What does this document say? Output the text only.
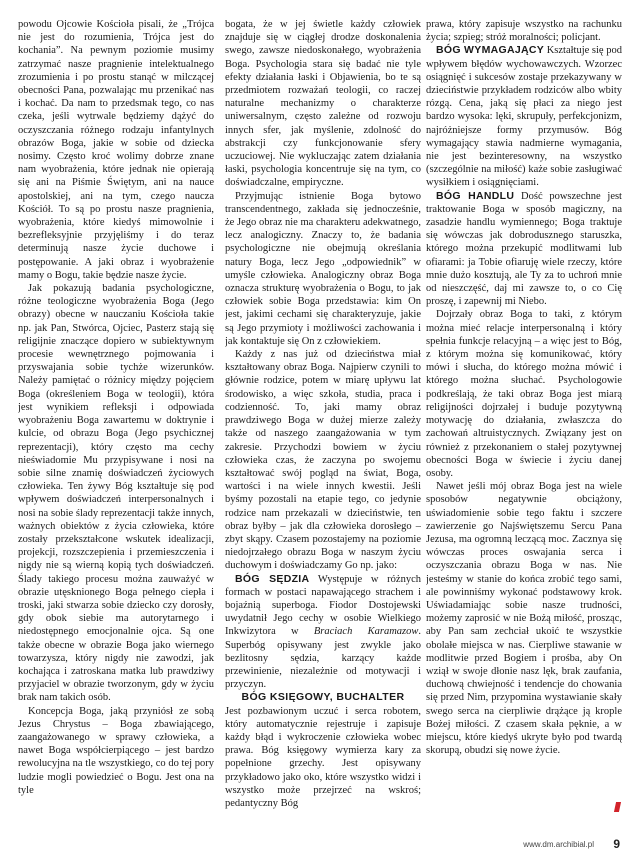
powodu Ojcowie Kościoła pisali, że „Trójca nie jest do rozumienia, Trójca jest do kochania”. Na pewnym poziomie musimy zatrzymać nasze pragnienie intelektualnego zrozumienia i po prostu stanąć w milczącej obecności Pana, pozwalając mu przenikać nas i kochać. Da nam to przedsmak tego, co nas czeka, jeśli wytrwale będziemy dążyć do oczyszczania różnego rodzaju infantylnych obrazów Boga, jakie w sobie od dziecka nosimy. Często kroć wolimy dobrze znane nam wyobrażenia, które jednak nie opierają się ani na Piśmie Świętym, ani na nauce apostolskiej, ani na tym, czego naucza Kościół. To są po prostu nasze pragnienia, wyobrażenia, które kiedyś mimowolnie i bezrefleksyjnie przyjęliśmy i do teraz determinują nasze życie duchowe i postępowanie. A jaki obraz i wyobrażenie mamy o Bogu, takie będzie nasze życie.

Jak pokazują badania psychologiczne, różne teologiczne wyobrażenia Boga (Jego obrazy) obecne w nauczaniu Kościoła takie np. jak Pan, Stwórca, Ojciec, Pasterz stają się religijnie znaczące dopiero w subiektywnym procesie wewnętrznego pojmowania i przyswajania sobie tychże wizerunków. Należy pamiętać o różnicy między pojęciem Boga (określeniem Boga w teologii), która jest wynikiem refleksji i odpowiada wyobrażeniu Boga zawartemu w doktrynie i kulcie, od obrazu Boga (Jego psychicznej reprezentacji), który często ma cechy nieświadomie Mu przypisywane i nosi na sobie silne znamię doświadczeń życiowych człowieka. Ten żywy Bóg kształtuje się pod wpływem doświadczeń interpersonalnych i nosi na sobie ślady reprezentacji także innych, ważnych obiektów z życia człowieka, które zostały przekształcone wskutek idealizacji, projekcji, rozszczepienia i przemieszczenia i nigdy nie są wierną kopią tych doświadczeń. Ślady takiego procesu można zauważyć w obrazie utęsknionego Boga pełnego ciepła i troski, jaki stwarza sobie dziecko czy dorosły, gdy obok siebie ma autorytarnego i niedostępnego emocjonalnie ojca. Są one także obecne w obrazie Boga jako wiernego towarzysza, który nigdy nie zawodzi, jak kochająca i zatroskana matka lub prawdziwy przyjaciel w obrazie tworzonym, gdy w życiu brak nam takich osób.

Koncepcja Boga, jaką przyniósł ze sobą Jezus Chrystus – Boga zbawiającego, zaangażowanego w sprawy człowieka, a nawet Boga współcierpiącego – jest bardzo rewolucyjna na tle wszystkiego, co do tej pory ludzie mogli powiedzieć o Bogu. Jest ona na tyle

bogata, że w jej świetle każdy człowiek znajduje się w ciągłej drodze doskonalenia swego, zawsze niedoskonałego, wyobrażenia Boga. Psychologia stara się badać nie tyle efekty działania łaski i Objawienia, bo te są przedmiotem rozważań teologii, co raczej naturalne mechanizmy o charakterze uniwersalnym, często zależne od rozwoju innych sfer, jak myślenie, zdolność do abstrakcji czy funkcjonowanie sfery uczuciowej. Nie wykluczając zatem działania łaski, psychologia koncentruje się na tym, co doświadczalne, empiryczne.

Przyjmując istnienie Boga bytowo transcendentnego, zakłada się jednocześnie, że Jego obraz nie ma charakteru adekwatnego, lecz analogiczny. Znaczy to, że badania psychologiczne nie obejmują określania natury Boga, lecz Jego „odpowiednik” w umyśle człowieka. Analogiczny obraz Boga oznacza strukturę wyobrażenia o Bogu, to jak człowiek sobie Boga przedstawia: kim On jest, jakimi cechami się charakteryzuje, jakie są Jego przymioty i możliwości zachowania i jak kontaktuje się On z człowiekiem.

Każdy z nas już od dzieciństwa miał kształtowany obraz Boga. Najpierw czynili to głównie rodzice, potem w miarę upływu lat środowisko, a więc szkoła, studia, praca i codzienność. To, jaki mamy obraz prawdziwego Boga w dużej mierze zależy także od naszego zaangażowania w tym zakresie. Przychodzi bowiem w życiu człowieka czas, że zaczyna po swojemu kształtować swój pogląd na świat, Boga, wartości i na wiele innych kwestii. Jeśli byśmy pozostali na etapie tego, co jedynie rodzice nam przekazali w dzieciństwie, ten obraz byłby – jak dla człowieka dorosłego – zbyt skąpy. Czasem pozostajemy na poziomie niedojrzałego obrazu Boga w naszym życiu duchowym i doświadczamy Go np. jako:

BÓG SĘDZIA Występuje w różnych formach w postaci napawającego strachem i bojaźnią superboga. Fiodor Dostojewski uwydatnił Jego cechy w osobie Wielkiego Inkwizytora w Braciach Karamazow. Superbóg opisywany jest zwykle jako bezlitosny sędzia, karzący każde przewinienie, niezależnie od motywacji i przyczyn.

BÓG KSIĘGOWY, BUCHALTER

Jest pozbawionym uczuć i serca robotem, który automatycznie rejestruje i zapisuje każdy błąd i wykroczenie człowieka wobec prawa. Bóg księgowy wymierza kary za popełnione grzechy. Jest opisywany przykładowo jako oko, które wszystko widzi i wszystko może przejrzeć na wskroś; pedantyczny Bóg

prawa, który zapisuje wszystko na rachunku życia; szpieg; stróż moralności; policjant.

BÓG WYMAGAJĄCY Kształtuje się pod wpływem błędów wychowawczych. Wzorzec osiągnięć i sukcesów zostaje przekazywany w dzieciństwie przykładem rodziców albo wbity rózgą. Cena, jaką się płaci za niego jest bardzo wysoka: lęki, skrupuły, perfekcjonizm, najróżniejsze formy przymusów. Bóg wymagający stawia nadmierne wymagania, nie jest bezinteresowny, na wszystko (szczególnie na miłość) każe sobie zasługiwać wysiłkiem i osiągnięciami.

BÓG HANDLU Dość powszechne jest traktowanie Boga w sposób magiczny, na zasadzie handlu wymiennego; Boga traktuje się wówczas jak dobrodusznego staruszka, którego można przekupić modlitwami lub ofiarami: ja Tobie ofiaruję wiele rzeczy, które mnie dużo kosztują, ale Ty za to uchroń mnie od nieszczęść, daj mi zawsze to, o co Cię proszę, i zapewnij mi Niebo.

Dojrzały obraz Boga to taki, z którym można mieć relacje interpersonalną i który spełnia funkcje relacyjną – a więc jest to Bóg, z którym można się komunikować, który mówi i słucha, do którego można mówić i którego można słuchać. Psychologowie podkreślają, że taki obraz Boga jest miarą religijności dojrzałej i buduje pozytywną motywację do działania, zwłaszcza do zachowań altruistycznych. Związany jest on również z przekonaniem o stałej pozytywnej obecności Boga w świecie i życiu danej osoby.

Nawet jeśli mój obraz Boga jest na wiele sposobów negatywnie obciążony, uświadomienie sobie tego faktu i szczere zawierzenie go Najświętszemu Sercu Pana Jezusa, ma ogromną leczącą moc. Zacznya się wówczas proces oswajania serca i oczyszczania obrazu Boga w nas. Nie jesteśmy w stanie do końca zrobić tego sami, ale powinniśmy wykonać podstawowy krok. Uświadamiając sobie nasze trudności, możemy zaprosić w nie Bożą miłość, prosząc, aby Pan sam zechciał ukoić te wszystkie obolałe miejsca w nas. Cierpliwe stawanie w modlitwie przed Bogiem i prośba, aby On wziął w swoje dłonie nasz lęk, brak zaufania, duchową chwiejność i tendencje do chowania się przed Nim, przypomina wystawianie skały swego serca na cierpliwie drążące ją krople Bożej miłości. Z czasem skała pęknie, a w miejscu, które kiedyś ukryte było pod twardą skorupą, obudzi się nowe życie.

www.dm.archibial.pl 9
